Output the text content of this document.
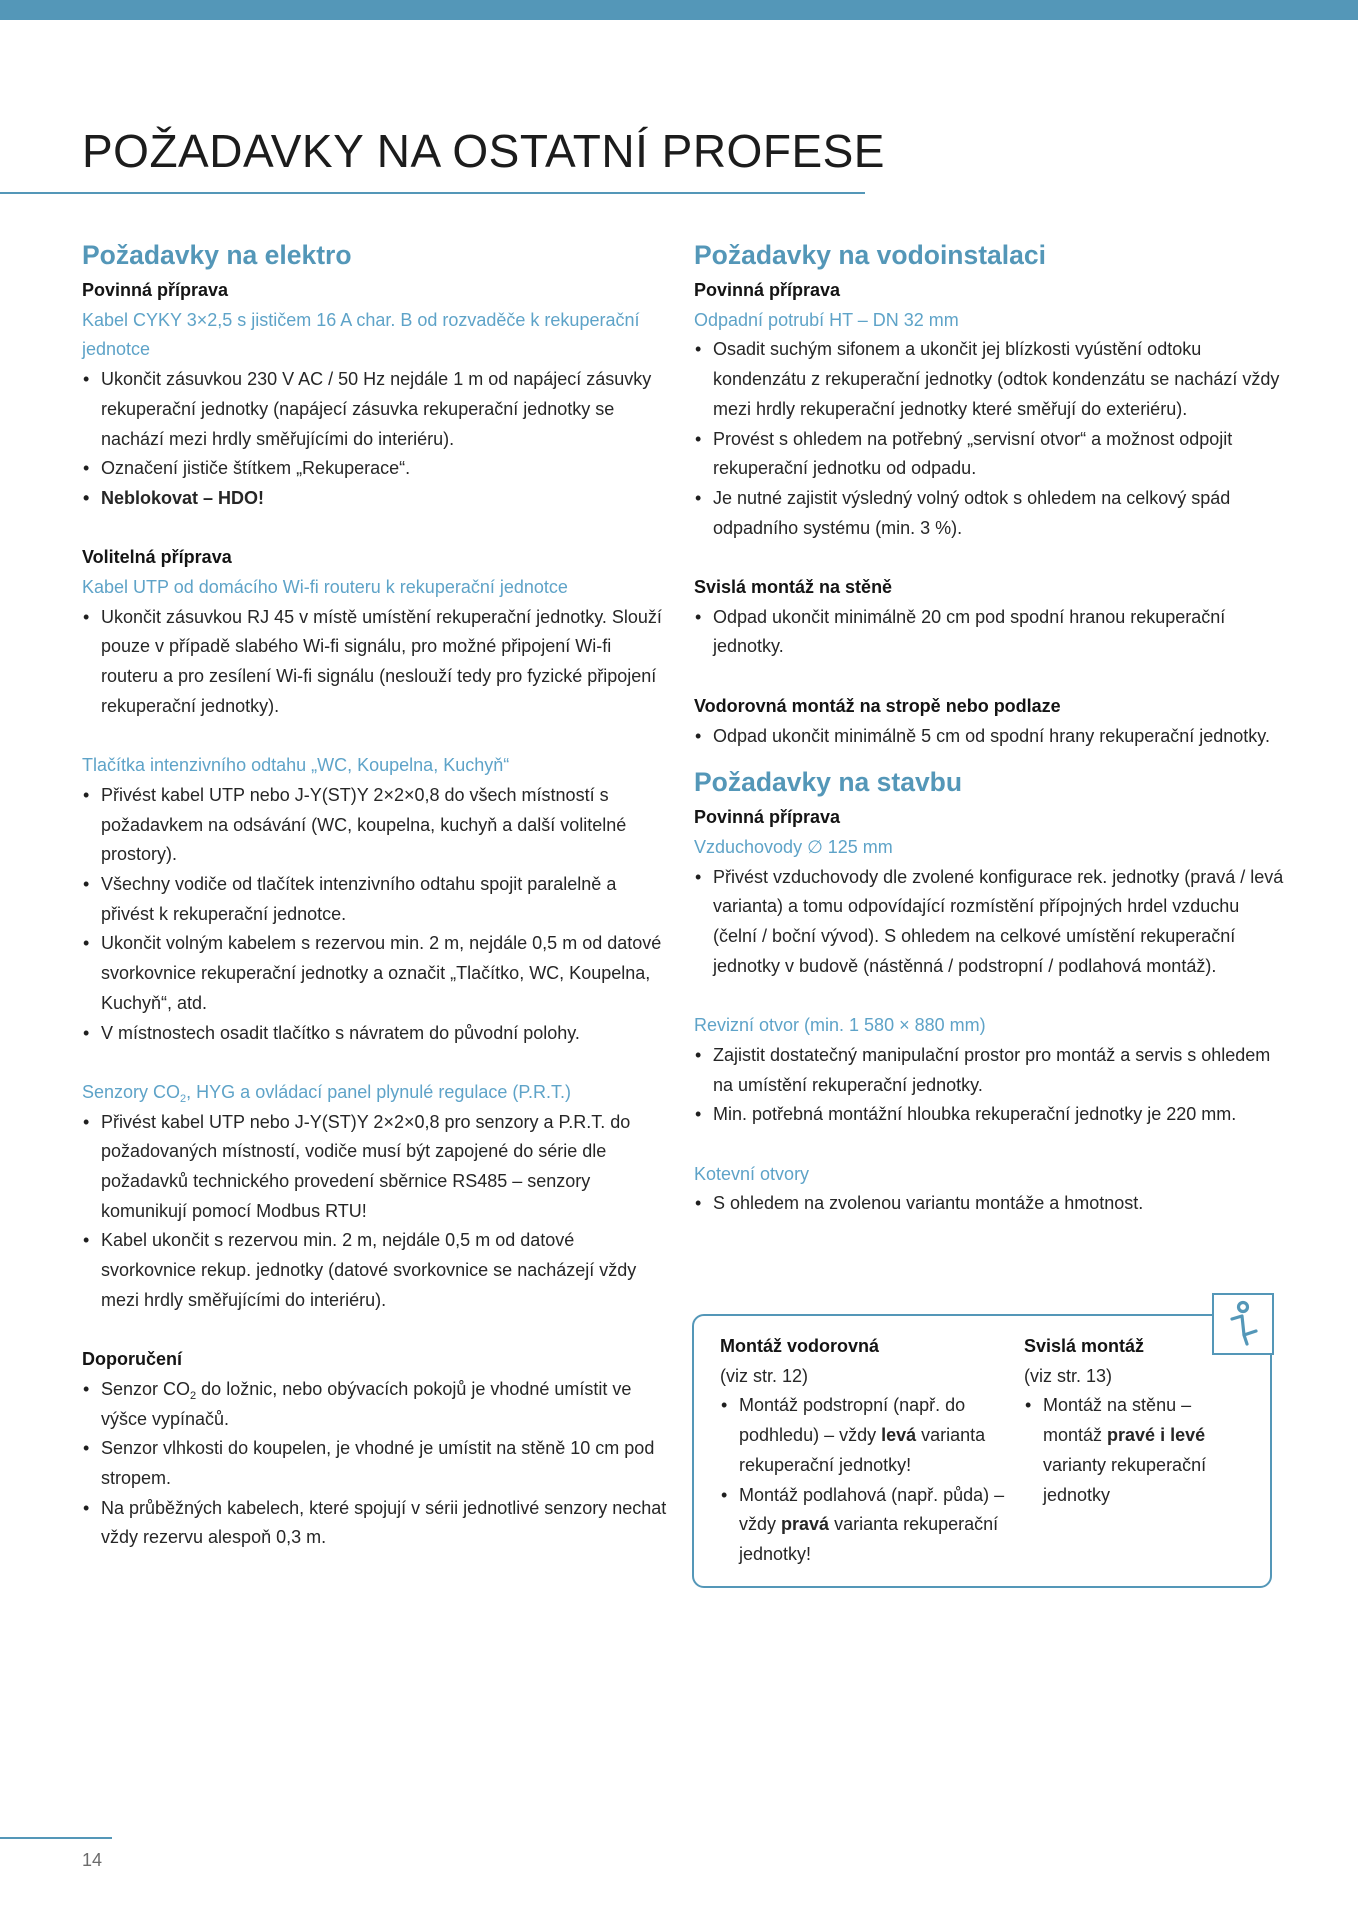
POŽADAVKY NA OSTATNÍ PROFESE
Požadavky na elektro
Povinná příprava
Kabel CYKY 3×2,5 s jističem 16 A char. B od rozvaděče k rekuperační jednotce
• Ukončit zásuvkou 230 V AC / 50 Hz nejdále 1 m od napájecí zásuvky rekuperační jednotky (napájecí zásuvka rekuperační jednotky se nachází mezi hrdly směřujícími do interiéru).
• Označení jističe štítkem „Rekuperace“.
• Neblokovat – HDO!
Volitelná příprava
Kabel UTP od domácího Wi-fi routeru k rekuperační jednotce
• Ukončit zásuvkou RJ 45 v místě umístění rekuperační jednotky. Slouží pouze v případě slabého Wi-fi signálu, pro možné připojení Wi-fi routeru a pro zesílení Wi-fi signálu (neslouží tedy pro fyzické připojení rekuperační jednotky).
Tlačítka intenzivního odtahu „WC, Koupelna, Kuchyň“
• Přivést kabel UTP nebo J-Y(ST)Y 2×2×0,8 do všech místností s požadavkem na odsávání (WC, koupelna, kuchyň a další volitelné prostory).
• Všechny vodiče od tlačítek intenzivního odtahu spojit paralelně a přivést k rekuperační jednotce.
• Ukončit volným kabelem s rezervou min. 2 m, nejdále 0,5 m od datové svorkovnice rekuperační jednotky a označit „Tlačítko, WC, Koupelna, Kuchyň“, atd.
• V místnostech osadit tlačítko s návratem do původní polohy.
Senzory $CO_2$, HYG a ovládací panel plynulé regulace (P.R.T.)
• Přivést kabel UTP nebo J-Y(ST)Y 2×2×0,8 pro senzory a P.R.T. do požadovaných místností, vodiče musí být zapojené do série dle požadavků technického provedení sběrnice RS485 – senzory komunikují pomocí Modbus RTU!
• Kabel ukončit s rezervou min. 2 m, nejdále 0,5 m od datové svorkovnice rekup. jednotky (datové svorkovnice se nacházejí vždy mezi hrdly směřujícími do interiéru).
Doporučení
• Senzor $CO_2$ do ložnic, nebo obývacích pokojů je vhodné umístit ve výšce vypínačů.
• Senzor vlhkosti do koupelen, je vhodné je umístit na stěně 10 cm pod stropem.
• Na průběžných kabelech, které spojují v sérii jednotlivé senzory nechat vždy rezervu alespoň 0,3 m.
Požadavky na vodoinstalaci
Povinná příprava
Odpadní potrubí HT – DN 32 mm
• Osadit suchým sifonem a ukončit jej blízkosti vyústění odtoku kondenzátu z rekuperační jednotky (odtok kondenzátu se nachází vždy mezi hrdly rekuperační jednotky které směřují do exteriéru).
• Provést s ohledem na potřebný „servisní otvor“ a možnost odpojit rekuperační jednotku od odpadu.
• Je nutné zajistit výsledný volný odtok s ohledem na celkový spád odpadního systému (min. 3 %).
Svislá montáž na stěně
• Odpad ukončit minimálně 20 cm pod spodní hranou rekuperační jednotky.
Vodorovná montáž na stropě nebo podlaze
• Odpad ukončit minimálně 5 cm od spodní hrany rekuperační jednotky.
Požadavky na stavbu
Povinná příprava
Vzduchovody ∅ 125 mm
• Přivést vzduchovody dle zvolené konfigurace rek. jednotky (pravá / levá varianta) a tomu odpovídající rozmístění přípojných hrdel vzduchu (čelní / boční vývod). S ohledem na celkové umístění rekuperační jednotky v budově (nástěnná / podstropní / podlahová montáž).
Revizní otvor (min. 1 580 × 880 mm)
• Zajistit dostatečný manipulační prostor pro montáž a servis s ohledem na umístění rekuperační jednotky.
• Min. potřebná montážní hloubka rekuperační jednotky je 220 mm.
Kotevní otvory
• S ohledem na zvolenou variantu montáže a hmotnost.
Montáž vodorovná
(viz str. 12)
• Montáž podstropní (např. do podhledu) – vždy levá varianta rekuperační jednotky!
• Montáž podlahová (např. půda) – vždy pravá varianta rekuperační jednotky!
Svislá montáž
(viz str. 13)
• Montáž na stěnu – montáž pravé i levé varianty rekuperační jednotky
14
